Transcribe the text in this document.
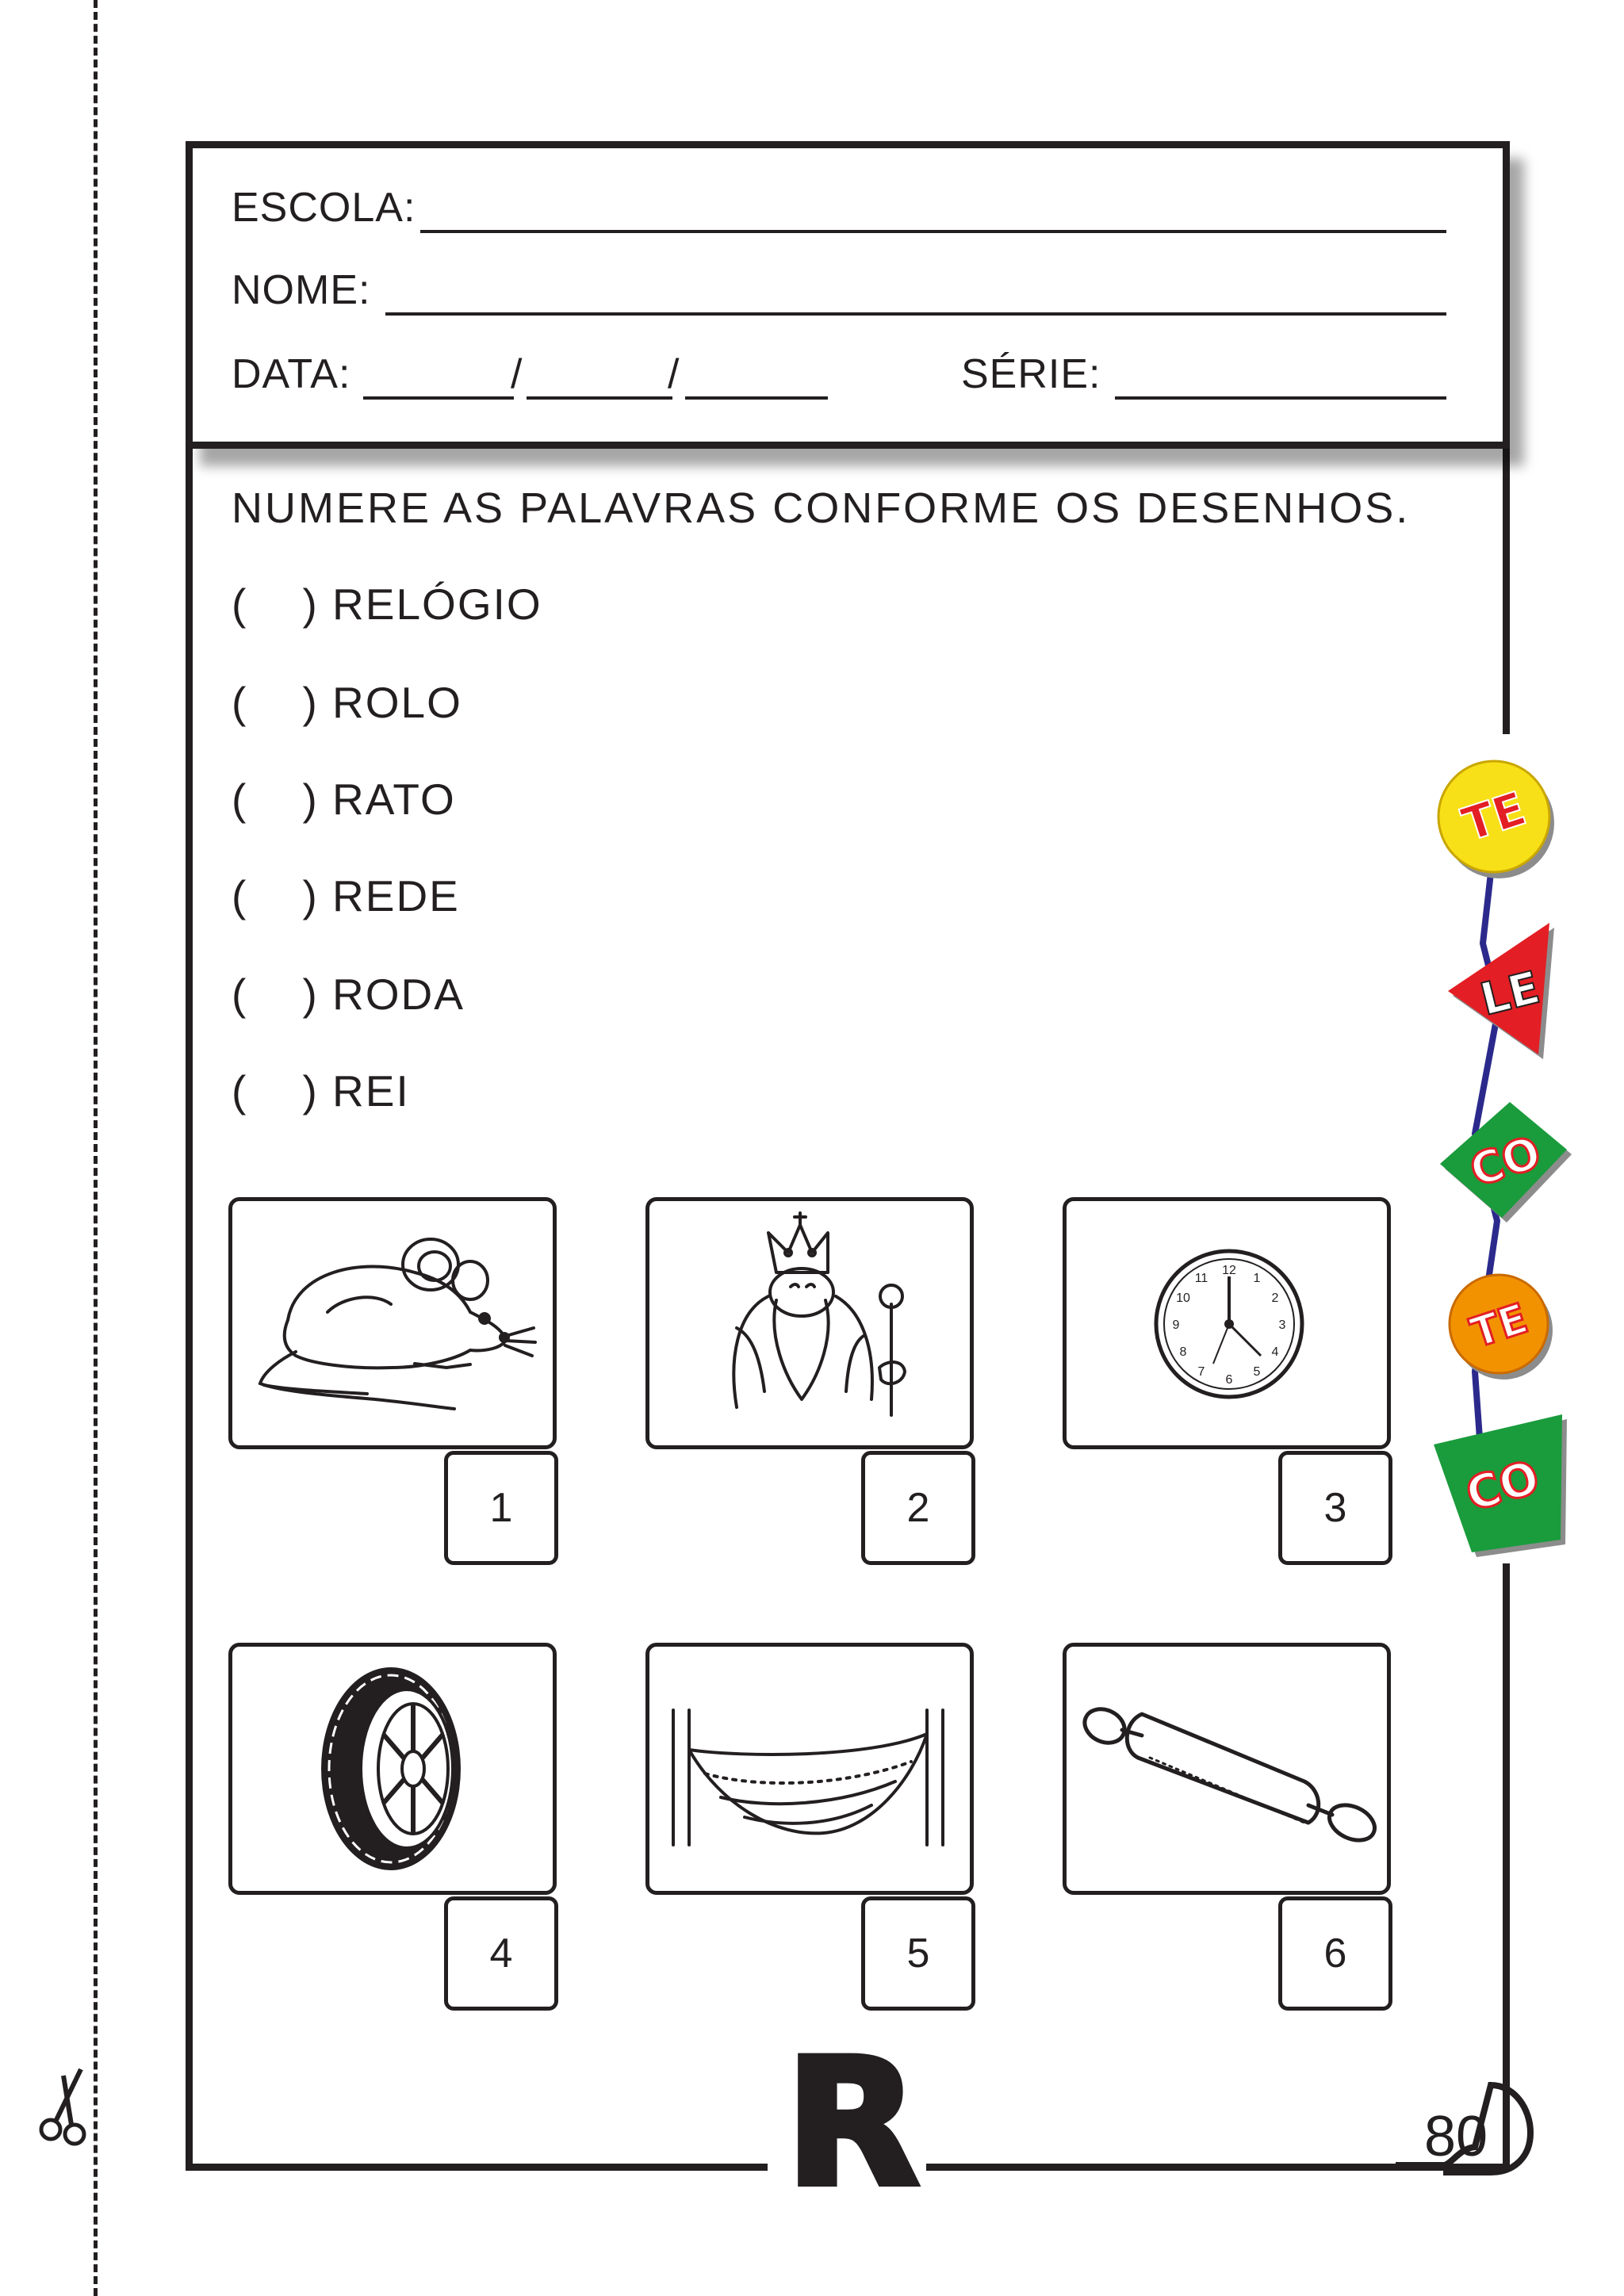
ESCOLA:
NOME:
DATA:	/	/	SÉRIE:
NUMERE AS PALAVRAS CONFORME OS DESENHOS.
(    ) RELÓGIO
(    ) ROLO
(    ) RATO
(    ) REDE
(    ) RODA
(    ) REI
1	2
12
1
2
3
4
5
6
7
8
9
10
11
3
4	5	6
TE
LE
CO
TE
CO
R	80
